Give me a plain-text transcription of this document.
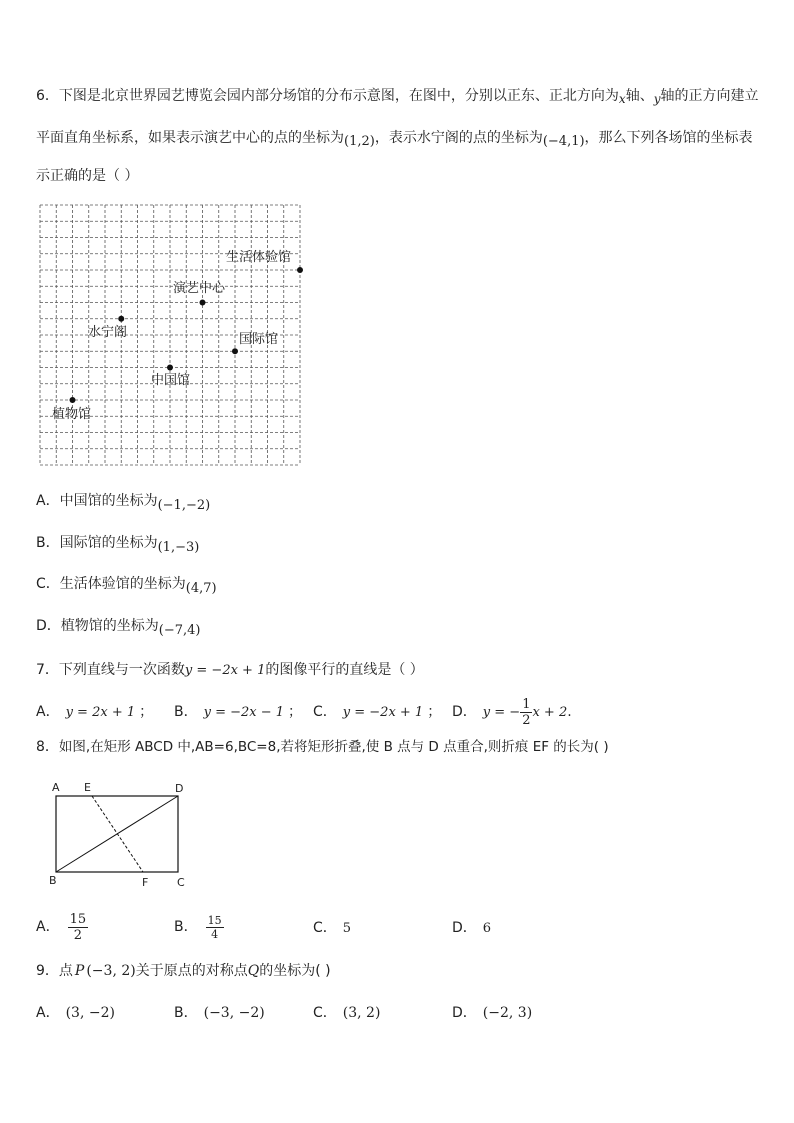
6．下图是北京世界园艺博览会园内部分场馆的分布示意图，在图中，分别以正东、正北方向为x轴、y轴的正方向建立
平面直角坐标系，如果表示演艺中心的点的坐标为(1,2)，表示水宁阁的点的坐标为(−4,1)，那么下列各场馆的坐标表
示正确的是（ ）
生活体验馆
演艺中心
水宁阁	国际馆
中国馆
植物馆
A．中国馆的坐标为(−1,−2)
B．国际馆的坐标为(1,−3)
C．生活体验馆的坐标为(4,7)
D．植物馆的坐标为(−7,4)
7．下列直线与一次函数y = −2x + 1的图像平行的直线是（ ）
A． y = 2x + 1 ； B． y = −2x − 1 ； C． y = −2x + 1 ； D． y = − $\frac{1}{2}$ x + 2.
8．如图,在矩形 ABCD 中,AB=6,BC=8,若将矩形折叠,使 B 点与 D 点重合,则折痕 EF 的长为( )
A E	D
B	F	C
A． $\frac{15}{2}$	B． $\frac{15}{4}$	C． 5	D． 6
9．点 P (−3, 2)关于原点的对称点Q的坐标为( )
A． (3, −2)	B． (−3, −2)	C． (3, 2)	D． (−2, 3)
